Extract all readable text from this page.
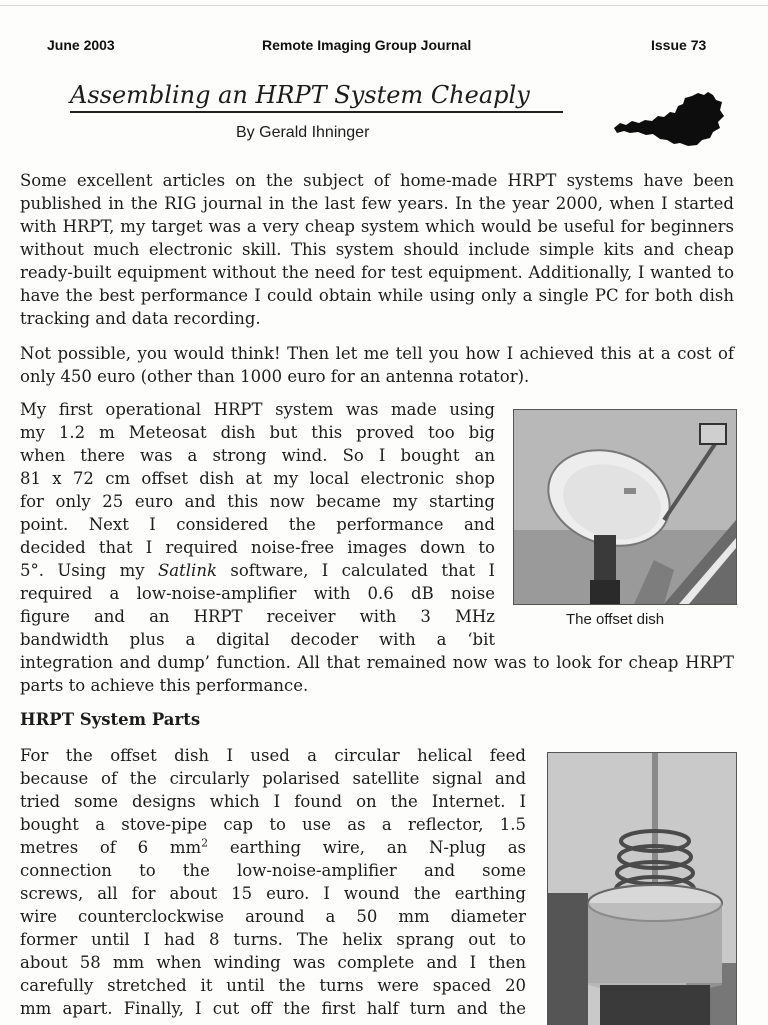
June 2003	Remote Imaging Group Journal	Issue 73
Assembling an HRPT System Cheaply
By Gerald Ihninger

Some excellent articles on the subject of home-made HRPT systems have been published in the RIG journal in the last few years. In the year 2000, when I started with HRPT, my target was a very cheap system which would be useful for beginners without much electronic skill. This system should include simple kits and cheap ready-built equipment without the need for test equipment. Additionally, I wanted to have the best performance I could obtain while using only a single PC for both dish tracking and data recording.

Not possible, you would think! Then let me tell you how I achieved this at a cost of only 450 euro (other than 1000 euro for an antenna rotator).

My first operational HRPT system was made using
my 1.2 m Meteosat dish but this proved too big
when there was a strong wind. So I bought an
81 x 72 cm offset dish at my local electronic shop
for only 25 euro and this now became my starting
point. Next I considered the performance and
decided that I required noise-free images down to
5°. Using my Satlink software, I calculated that I
required a low-noise-amplifier with 0.6 dB noise
figure and an HRPT receiver with 3 MHz
bandwidth plus a digital decoder with a ‘bit
integration and dump’ function. All that remained now was to look for cheap HRPT parts to achieve this performance.
The offset dish
HRPT System Parts
For the offset dish I used a circular helical feed
because of the circularly polarised satellite signal and
tried some designs which I found on the Internet. I
bought a stove-pipe cap to use as a reflector, 1.5
metres of 6 $mm^2$ earthing wire, an N-plug as
connection to the low-noise-amplifier and some
screws, all for about 15 euro. I wound the earthing
wire counterclockwise around a 50 mm diameter
former until I had 8 turns. The helix sprang out to
about 58 mm when winding was complete and I then
carefully stretched it until the turns were spaced 20
mm apart. Finally, I cut off the first half turn and the
